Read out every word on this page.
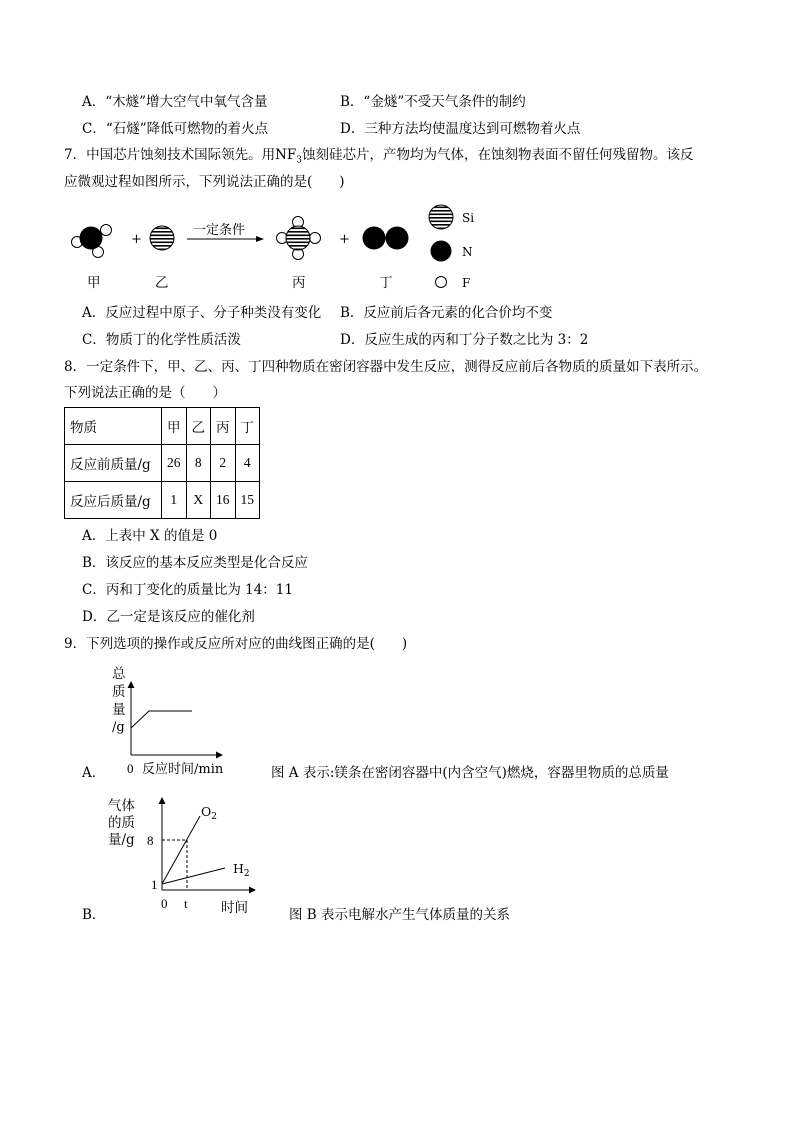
A．“木燧”增大空气中氧气含量	B．“金燧”不受天气条件的制约
C．“石燧”降低可燃物的着火点	D．三种方法均使温度达到可燃物着火点
7．中国芯片蚀刻技术国际领先。用$NF_3$蚀刻硅芯片，产物均为气体，在蚀刻物表面不留任何残留物。该反
应微观过程如图所示，下列说法正确的是(　　)
+
一定条件
+
Si
N
F
甲	乙	丙	丁
A．反应过程中原子、分子种类没有变化 B．反应前后各元素的化合价均不变
C．物质丁的化学性质活泼	D．反应生成的丙和丁分子数之比为 3：2
8．一定条件下，甲、乙、丙、丁四种物质在密闭容器中发生反应，测得反应前后各物质的质量如下表所示。
下列说法正确的是（　　）
物质	甲	乙	丙	丁
反应前质量/g	26	8	2	4
反应后质量/g	1	X	16	15
A．上表中 X 的值是 0
B．该反应的基本反应类型是化合反应
C．丙和丁变化的质量比为 14：11
D．乙一定是该反应的催化剂
9．下列选项的操作或反应所对应的曲线图正确的是(　　)
A．
总
质
量
/g
0 反应时间/min	图 A 表示:镁条在密闭容器中(内含空气)燃烧，容器里物质的总质量
B．
气体
的质
量/g
$O_2$
$H_2$
8
1
0 t 时间	图 B 表示电解水产生气体质量的关系
